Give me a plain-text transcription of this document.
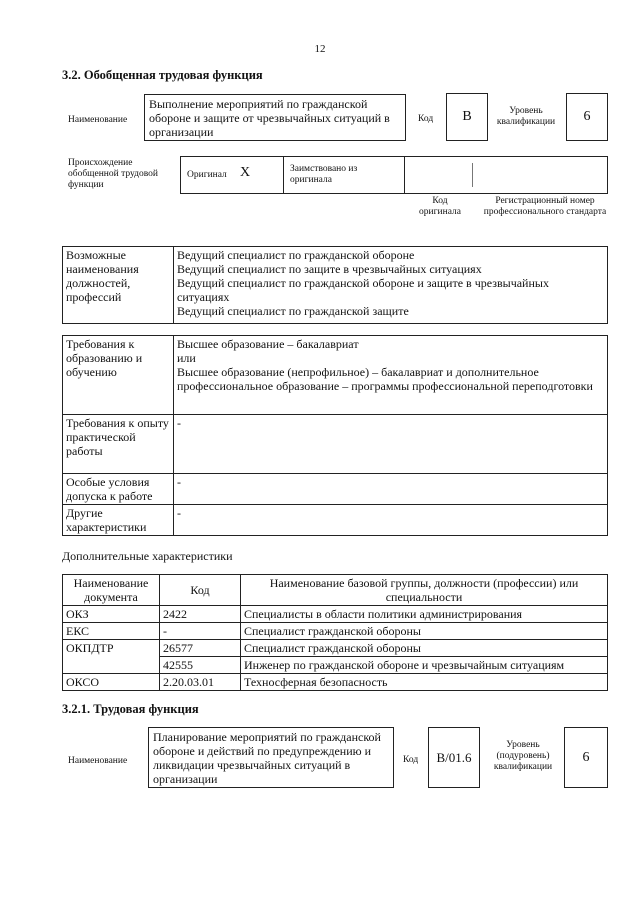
12
3.2. Обобщенная трудовая функция
Наименование
Выполнение мероприятий по гражданской обороне и защите от чрезвычайных ситуаций в организации
Код	B	Уровень квалификации	6
Происхождение обобщенной трудовой функции
Оригинал X	Заимствовано из оригинала
Код оригинала
Регистрационный номер профессионального стандарта
Возможные наименования должностей, профессий	
Ведущий специалист по гражданской обороне
Ведущий специалист по защите в чрезвычайных ситуациях
Ведущий специалист по гражданской обороне и защите в чрезвычайных ситуациях
Ведущий специалист по гражданской защите
Требования к образованию и обучению	Высшее образование – бакалавриат
или
Высшее образование (непрофильное) – бакалавриат и дополнительное профессиональное образование – программы профессиональной переподготовки
Требования к опыту практической работы	-
Особые условия допуска к работе	-
Другие характеристики	-
Дополнительные характеристики
Наименование документа	Код	Наименование базовой группы, должности (профессии) или специальности
ОКЗ	2422	Специалисты в области политики администрирования
ЕКС	-	Специалист гражданской обороны
ОКПДТР	26577	Специалист гражданской обороны
	42555	Инженер по гражданской обороне и чрезвычайным ситуациям
ОКСО	2.20.03.01	Техносферная безопасность
3.2.1. Трудовая функция
Наименование
Планирование мероприятий по гражданской обороне и действий по предупреждению и ликвидации чрезвычайных ситуаций в организации
Код	B/01.6
Уровень (подуровень) квалификации
6
